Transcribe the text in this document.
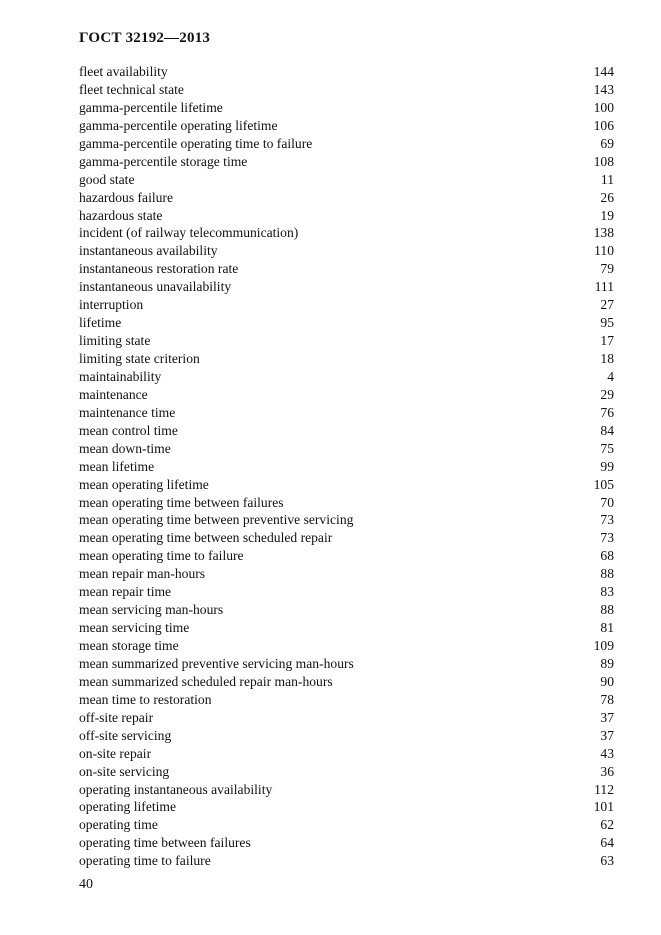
ГОСТ 32192—2013
fleet availability	144
fleet technical state	143
gamma-percentile lifetime	100
gamma-percentile operating lifetime	106
gamma-percentile operating time to failure	69
gamma-percentile storage time	108
good state	11
hazardous failure	26
hazardous state	19
incident (of railway telecommunication)	138
instantaneous availability	110
instantaneous restoration rate	79
instantaneous unavailability	111
interruption	27
lifetime	95
limiting state	17
limiting state criterion	18
maintainability	4
maintenance	29
maintenance time	76
mean control time	84
mean down-time	75
mean lifetime	99
mean operating lifetime	105
mean operating time between failures	70
mean operating time between preventive servicing	73
mean operating time between scheduled repair	73
mean operating time to failure	68
mean repair man-hours	88
mean repair time	83
mean servicing man-hours	88
mean servicing time	81
mean storage time	109
mean summarized preventive servicing man-hours	89
mean summarized scheduled repair man-hours	90
mean time to restoration	78
off-site repair	37
off-site servicing	37
on-site repair	43
on-site servicing	36
operating instantaneous availability	112
operating lifetime	101
operating time	62
operating time between failures	64
operating time to failure	63
40
